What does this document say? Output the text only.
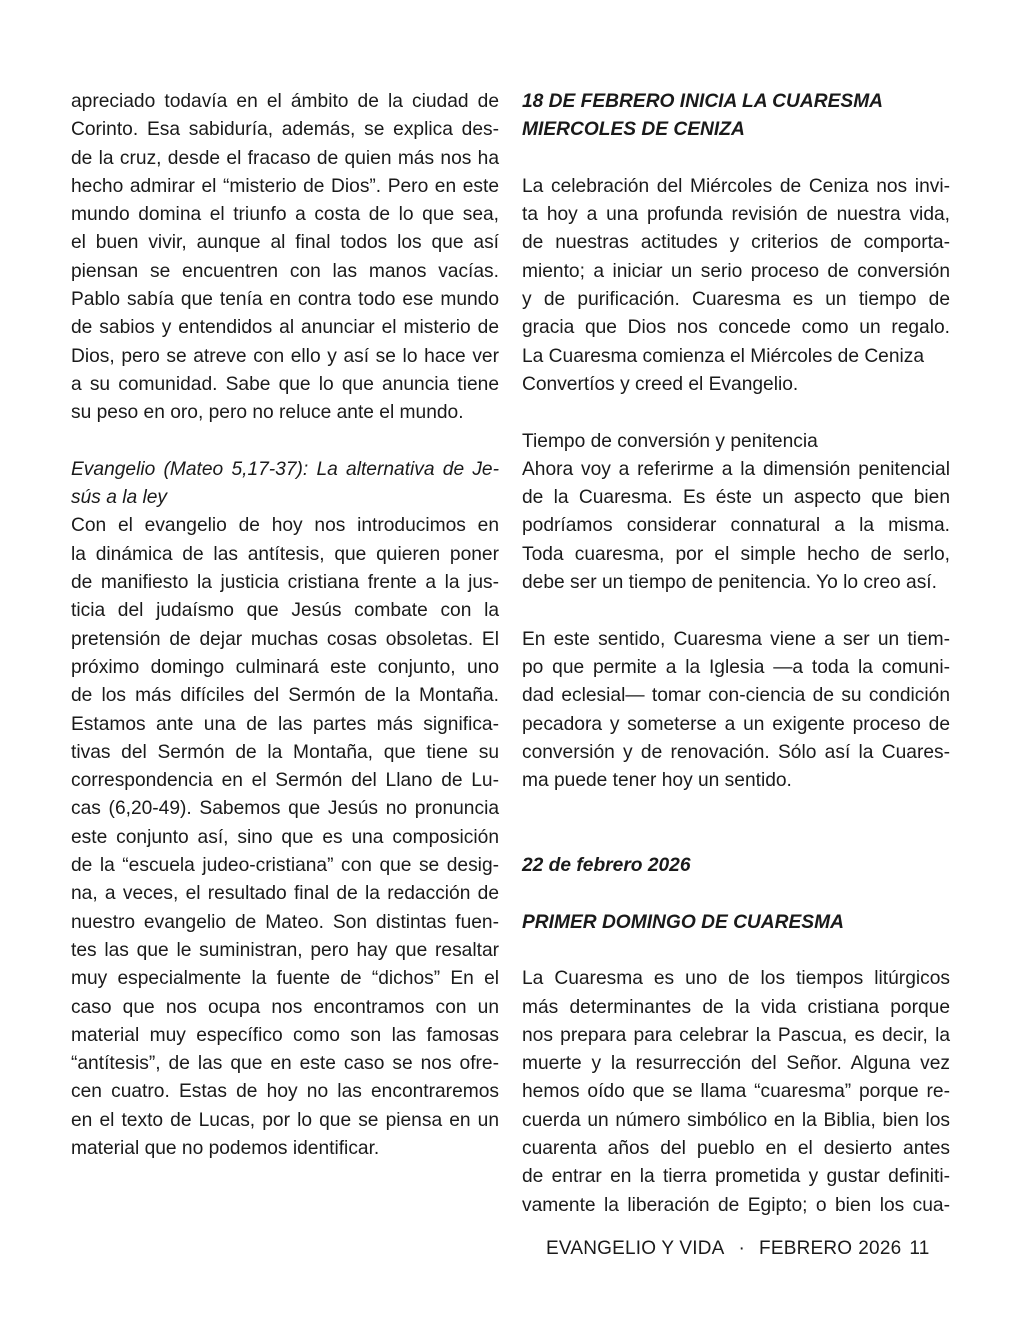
apreciado todavía en el ámbito de la ciudad de
Corinto. Esa sabiduría, además, se explica des-
de la cruz, desde el fracaso de quien más nos ha
hecho admirar el “misterio de Dios”. Pero en este
mundo domina el triunfo a costa de lo que sea,
el buen vivir, aunque al final todos los que así
piensan se encuentren con las manos vacías.
Pablo sabía que tenía en contra todo ese mundo
de sabios y entendidos al anunciar el misterio de
Dios, pero se atreve con ello y así se lo hace ver
a su comunidad. Sabe que lo que anuncia tiene
su peso en oro, pero no reluce ante el mundo.
Evangelio (Mateo 5,17-37): La alternativa de Je-
sús a la ley
Con el evangelio de hoy nos introducimos en
la dinámica de las antítesis, que quieren poner
de manifiesto la justicia cristiana frente a la jus-
ticia del judaísmo que Jesús combate con la
pretensión de dejar muchas cosas obsoletas. El
próximo domingo culminará este conjunto, uno
de los más difíciles del Sermón de la Montaña.
Estamos ante una de las partes más significa-
tivas del Sermón de la Montaña, que tiene su
correspondencia en el Sermón del Llano de Lu-
cas (6,20-49). Sabemos que Jesús no pronuncia
este conjunto así, sino que es una composición
de la “escuela judeo-cristiana” con que se desig-
na, a veces, el resultado final de la redacción de
nuestro evangelio de Mateo. Son distintas fuen-
tes las que le suministran, pero hay que resaltar
muy especialmente la fuente de “dichos” En el
caso que nos ocupa nos encontramos con un
material muy específico como son las famosas
“antítesis”, de las que en este caso se nos ofre-
cen cuatro. Estas de hoy no las encontraremos
en el texto de Lucas, por lo que se piensa en un
material que no podemos identificar.
18 DE FEBRERO INICIA LA CUARESMA
MIERCOLES DE CENIZA
La celebración del Miércoles de Ceniza nos invi-
ta hoy a una profunda revisión de nuestra vida,
de nuestras actitudes y criterios de comporta-
miento; a iniciar un serio proceso de conversión
y de purificación. Cuaresma es un tiempo de
gracia que Dios nos concede como un regalo.
La Cuaresma comienza el Miércoles de Ceniza
Convertíos y creed el Evangelio.
Tiempo de conversión y penitencia
Ahora voy a referirme a la dimensión penitencial
de la Cuaresma. Es éste un aspecto que bien
podríamos considerar connatural a la misma.
Toda cuaresma, por el simple hecho de serlo,
debe ser un tiempo de penitencia. Yo lo creo así.
En este sentido, Cuaresma viene a ser un tiem-
po que permite a la Iglesia —a toda la comuni-
dad eclesial— tomar con-ciencia de su condición
pecadora y someterse a un exigente proceso de
conversión y de renovación. Sólo así la Cuares-
ma puede tener hoy un sentido.
22 de febrero 2026
PRIMER DOMINGO DE CUARESMA
La Cuaresma es uno de los tiempos litúrgicos
más determinantes de la vida cristiana porque
nos prepara para celebrar la Pascua, es decir, la
muerte y la resurrección del Señor. Alguna vez
hemos oído que se llama “cuaresma” porque re-
cuerda un número simbólico en la Biblia, bien los
cuarenta años del pueblo en el desierto antes
de entrar en la tierra prometida y gustar definiti-
vamente la liberación de Egipto; o bien los cua-
EVANGELIO Y VIDA · FEBRERO 2026 11
